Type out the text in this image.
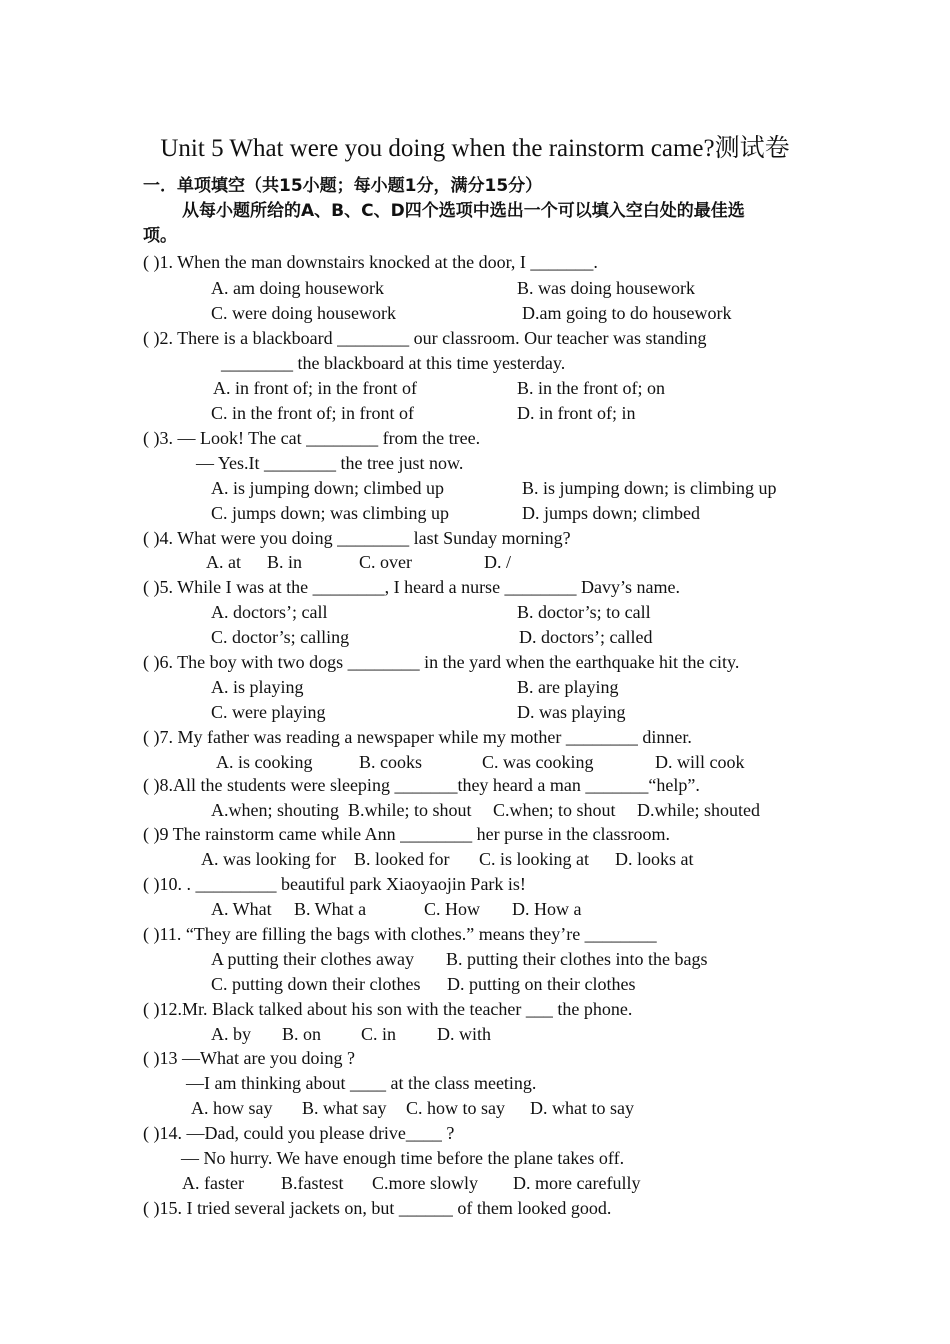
Unit 5 What were you doing when the rainstorm came?测试卷
一．单项填空（共15小题；每小题1分，满分15分）
从每小题所给的A、B、C、D四个选项中选出一个可以填入空白处的最佳选
项。
( )1. When the man downstairs knocked at the door, I _______.
A. am doing housework	B. was doing housework
C. were doing housework	D.am going to do housework
( )2. There is a blackboard ________ our classroom. Our teacher was standing
________ the blackboard at this time yesterday.
A. in front of; in the front of	B. in the front of; on
C. in the front of; in front of	D. in front of; in
( )3. — Look! The cat ________ from the tree.
— Yes.It ________ the tree just now.
A. is jumping down; climbed up	B. is jumping down; is climbing up
C. jumps down; was climbing up	D. jumps down; climbed
( )4. What were you doing ________ last Sunday morning?
A. at B. in	C. over	D. /
( )5. While I was at the ________, I heard a nurse ________ Davy’s name.
A. doctors’; call	B. doctor’s; to call
C. doctor’s; calling	D. doctors’; called
( )6. The boy with two dogs ________ in the yard when the earthquake hit the city.
A. is playing	B. are playing
C. were playing	D. was playing
( )7. My father was reading a newspaper while my mother ________ dinner.
A. is cooking	B. cooks	C. was cooking	D. will cook
( )8.All the students were sleeping _______they heard a man _______“help”.
A.when; shouting B.while; to shout C.when; to shout D.while; shouted
( )9 The rainstorm came while Ann ________ her purse in the classroom.
A. was looking for B. looked for C. is looking at D. looks at
( )10. . _________ beautiful park Xiaoyaojin Park is!
A. What B. What a	C. How D. How a
( )11. “They are filling the bags with clothes.” means they’re ________
A putting their clothes away B. putting their clothes into the bags
C. putting down their clothes D. putting on their clothes
( )12.Mr. Black talked about his son with the teacher ___ the phone.
A. by B. on C. in D. with
( )13 —What are you doing ?
—I am thinking about ____ at the class meeting.
A. how say B. what say C. how to say D. what to say
( )14. —Dad, could you please drive____ ?
— No hurry. We have enough time before the plane takes off.
A. faster B.fastest C.more slowly D. more carefully
( )15. I tried several jackets on, but ______ of them looked good.
